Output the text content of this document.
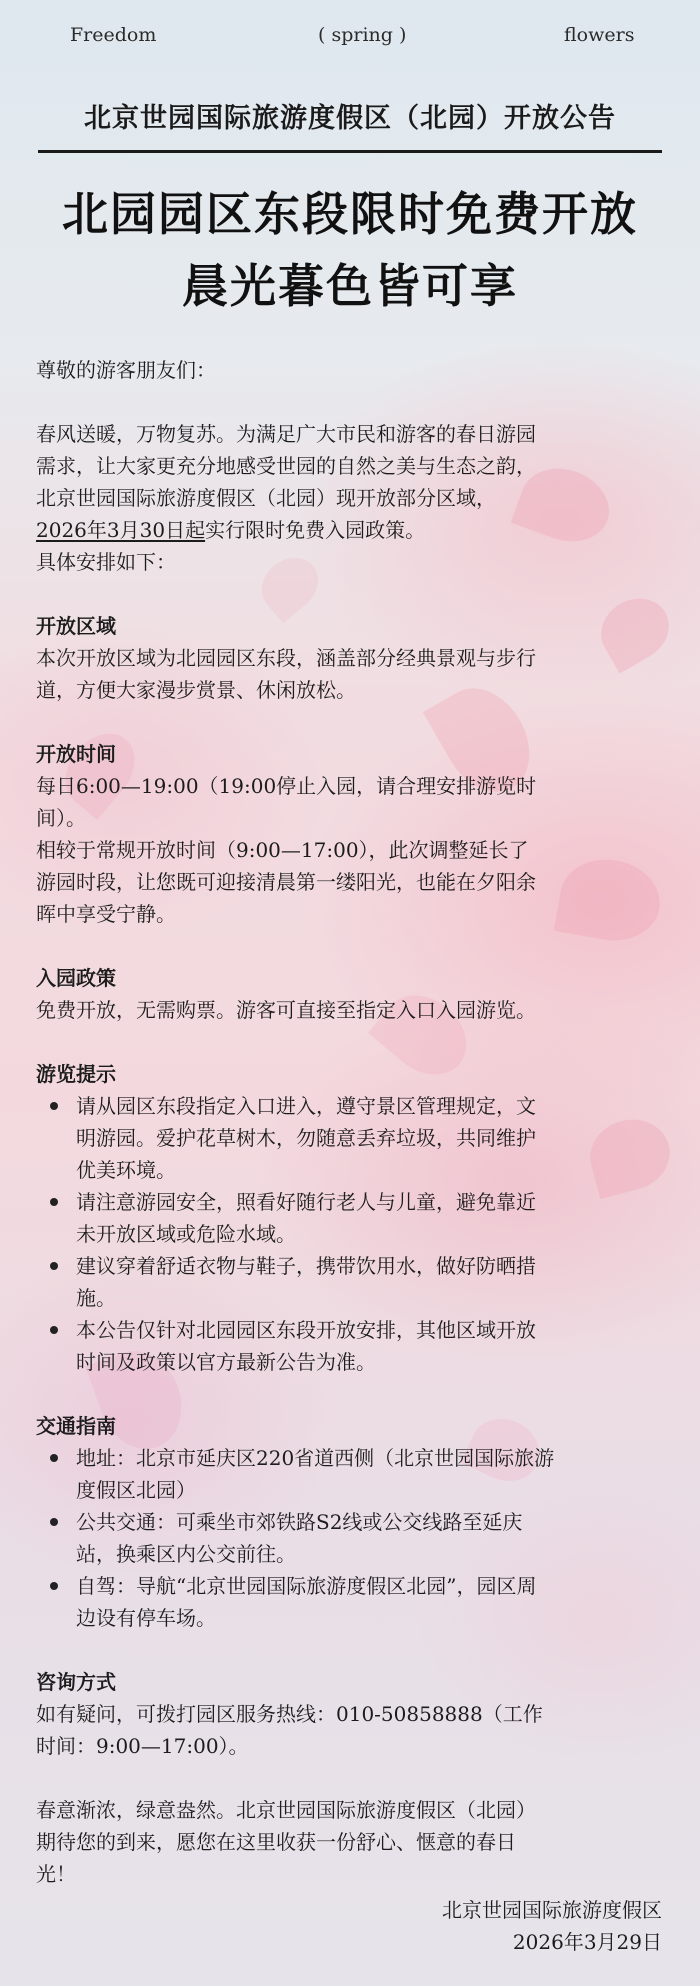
Freedom	( spring )	flowers
北京世园国际旅游度假区（北园）开放公告
北园园区东段限时免费开放
晨光暮色皆可享

尊敬的游客朋友们：

春风送暖，万物复苏。为满足广大市民和游客的春日游园

需求，让大家更充分地感受世园的自然之美与生态之韵，

北京世园国际旅游度假区（北园）现开放部分区域，

2026年3月30日起实行限时免费入园政策。

具体安排如下：

开放区域

本次开放区域为北园园区东段，涵盖部分经典景观与步行

道，方便大家漫步赏景、休闲放松。

开放时间

每日6:00—19:00（19:00停止入园，请合理安排游览时

间）。

相较于常规开放时间（9:00—17:00），此次调整延长了

游园时段，让您既可迎接清晨第一缕阳光，也能在夕阳余

晖中享受宁静。

入园政策

免费开放，无需购票。游客可直接至指定入口入园游览。

游览提示

请从园区东段指定入口进入，遵守景区管理规定，文
明游园。爱护花草树木，勿随意丢弃垃圾，共同维护
优美环境。
请注意游园安全，照看好随行老人与儿童，避免靠近
未开放区域或危险水域。
建议穿着舒适衣物与鞋子，携带饮用水，做好防晒措
施。
本公告仅针对北园园区东段开放安排，其他区域开放
时间及政策以官方最新公告为准。

交通指南

地址：北京市延庆区220省道西侧（北京世园国际旅游
度假区北园）
公共交通：可乘坐市郊铁路S2线或公交线路至延庆
站，换乘区内公交前往。
自驾：导航“北京世园国际旅游度假区北园”，园区周
边设有停车场。

咨询方式

如有疑问，可拨打园区服务热线：010-50858888（工作

时间：9:00—17:00）。

春意渐浓，绿意盎然。北京世园国际旅游度假区（北园）

期待您的到来，愿您在这里收获一份舒心、惬意的春日

光！

北京世园国际旅游度假区
2026年3月29日
